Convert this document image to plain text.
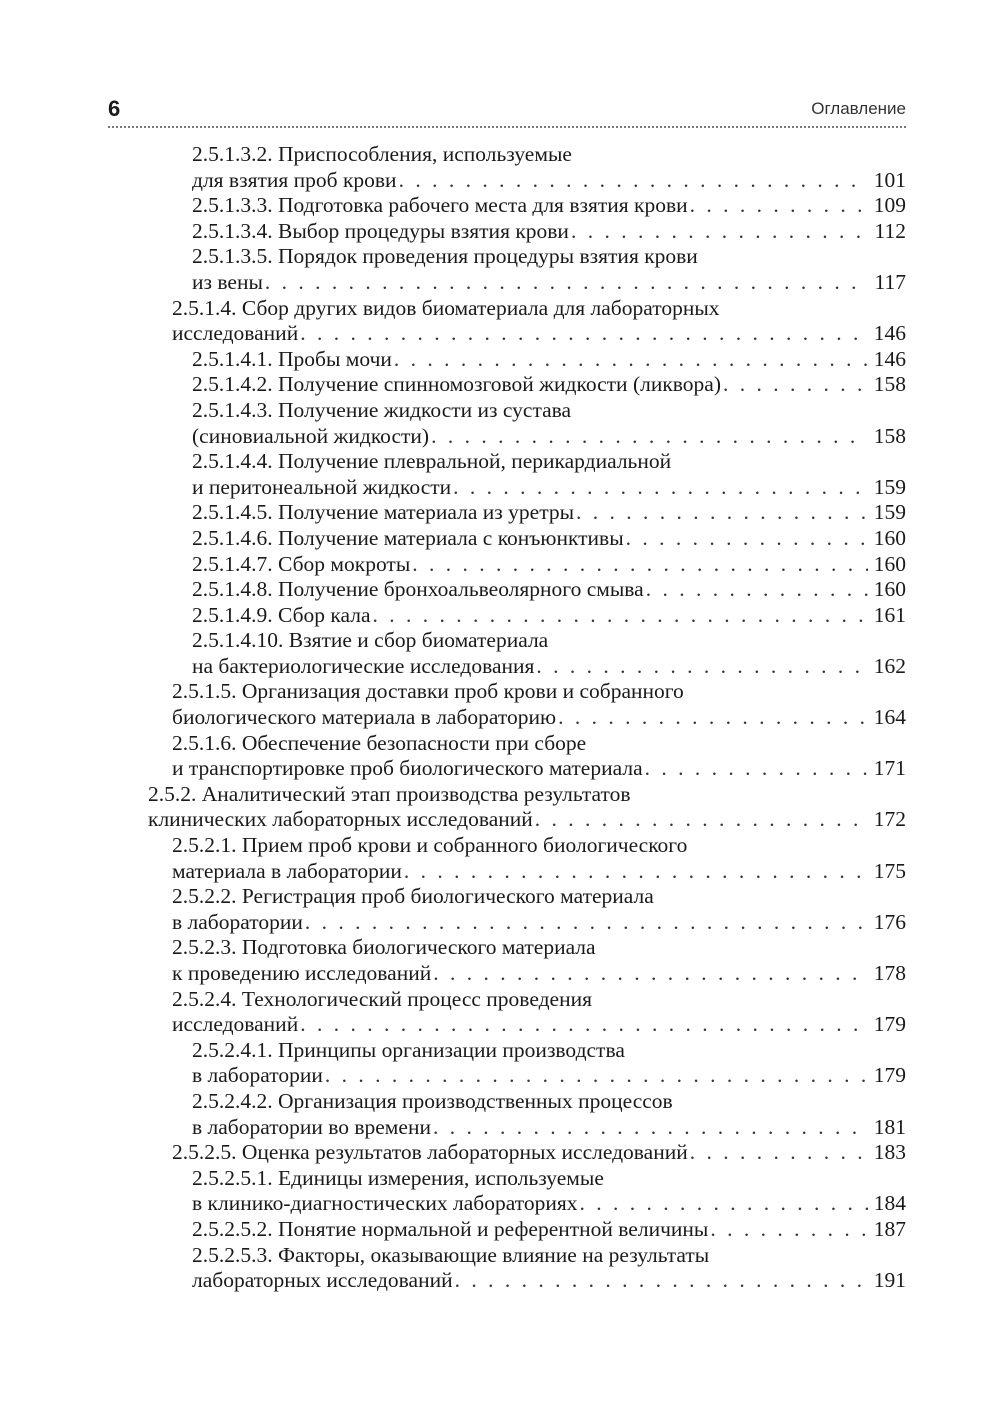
6	Оглавление
2.5.1.3.2. Приспособления, используемые
для взятия проб крови . . .	101
2.5.1.3.3. Подготовка рабочего места для взятия крови . . .	109
2.5.1.3.4. Выбор процедуры взятия крови . . .	112
2.5.1.3.5. Порядок проведения процедуры взятия крови
из вены . . .	117
2.5.1.4. Сбор других видов биоматериала для лабораторных
исследований . . .	146
2.5.1.4.1. Пробы мочи . . .	146
2.5.1.4.2. Получение спинномозговой жидкости (ликвора) . . .	158
2.5.1.4.3. Получение жидкости из сустава
(синовиальной жидкости) . . .	158
2.5.1.4.4. Получение плевральной, перикардиальной
и перитонеальной жидкости . . .	159
2.5.1.4.5. Получение материала из уретры . . .	159
2.5.1.4.6. Получение материала с конъюнктивы . . .	160
2.5.1.4.7. Сбор мокроты . . .	160
2.5.1.4.8. Получение бронхоальвеолярного смыва . . .	160
2.5.1.4.9. Сбор кала . . .	161
2.5.1.4.10. Взятие и сбор биоматериала
на бактериологические исследования . . .	162
2.5.1.5. Организация доставки проб крови и собранного
биологического материала в лабораторию . . .	164
2.5.1.6. Обеспечение безопасности при сборе
и транспортировке проб биологического материала . . .	171
2.5.2. Аналитический этап производства результатов
клинических лабораторных исследований . . .	172
2.5.2.1. Прием проб крови и собранного биологического
материала в лаборатории . . .	175
2.5.2.2. Регистрация проб биологического материала
в лаборатории . . .	176
2.5.2.3. Подготовка биологического материала
к проведению исследований . . .	178
2.5.2.4. Технологический процесс проведения
исследований . . .	179
2.5.2.4.1. Принципы организации производства
в лаборатории . . .	179
2.5.2.4.2. Организация производственных процессов
в лаборатории во времени . . .	181
2.5.2.5. Оценка результатов лабораторных исследований . . .	183
2.5.2.5.1. Единицы измерения, используемые
в клинико-диагностических лабораториях . . .	184
2.5.2.5.2. Понятие нормальной и референтной величины . . .	187
2.5.2.5.3. Факторы, оказывающие влияние на результаты
лабораторных исследований . . .	191
